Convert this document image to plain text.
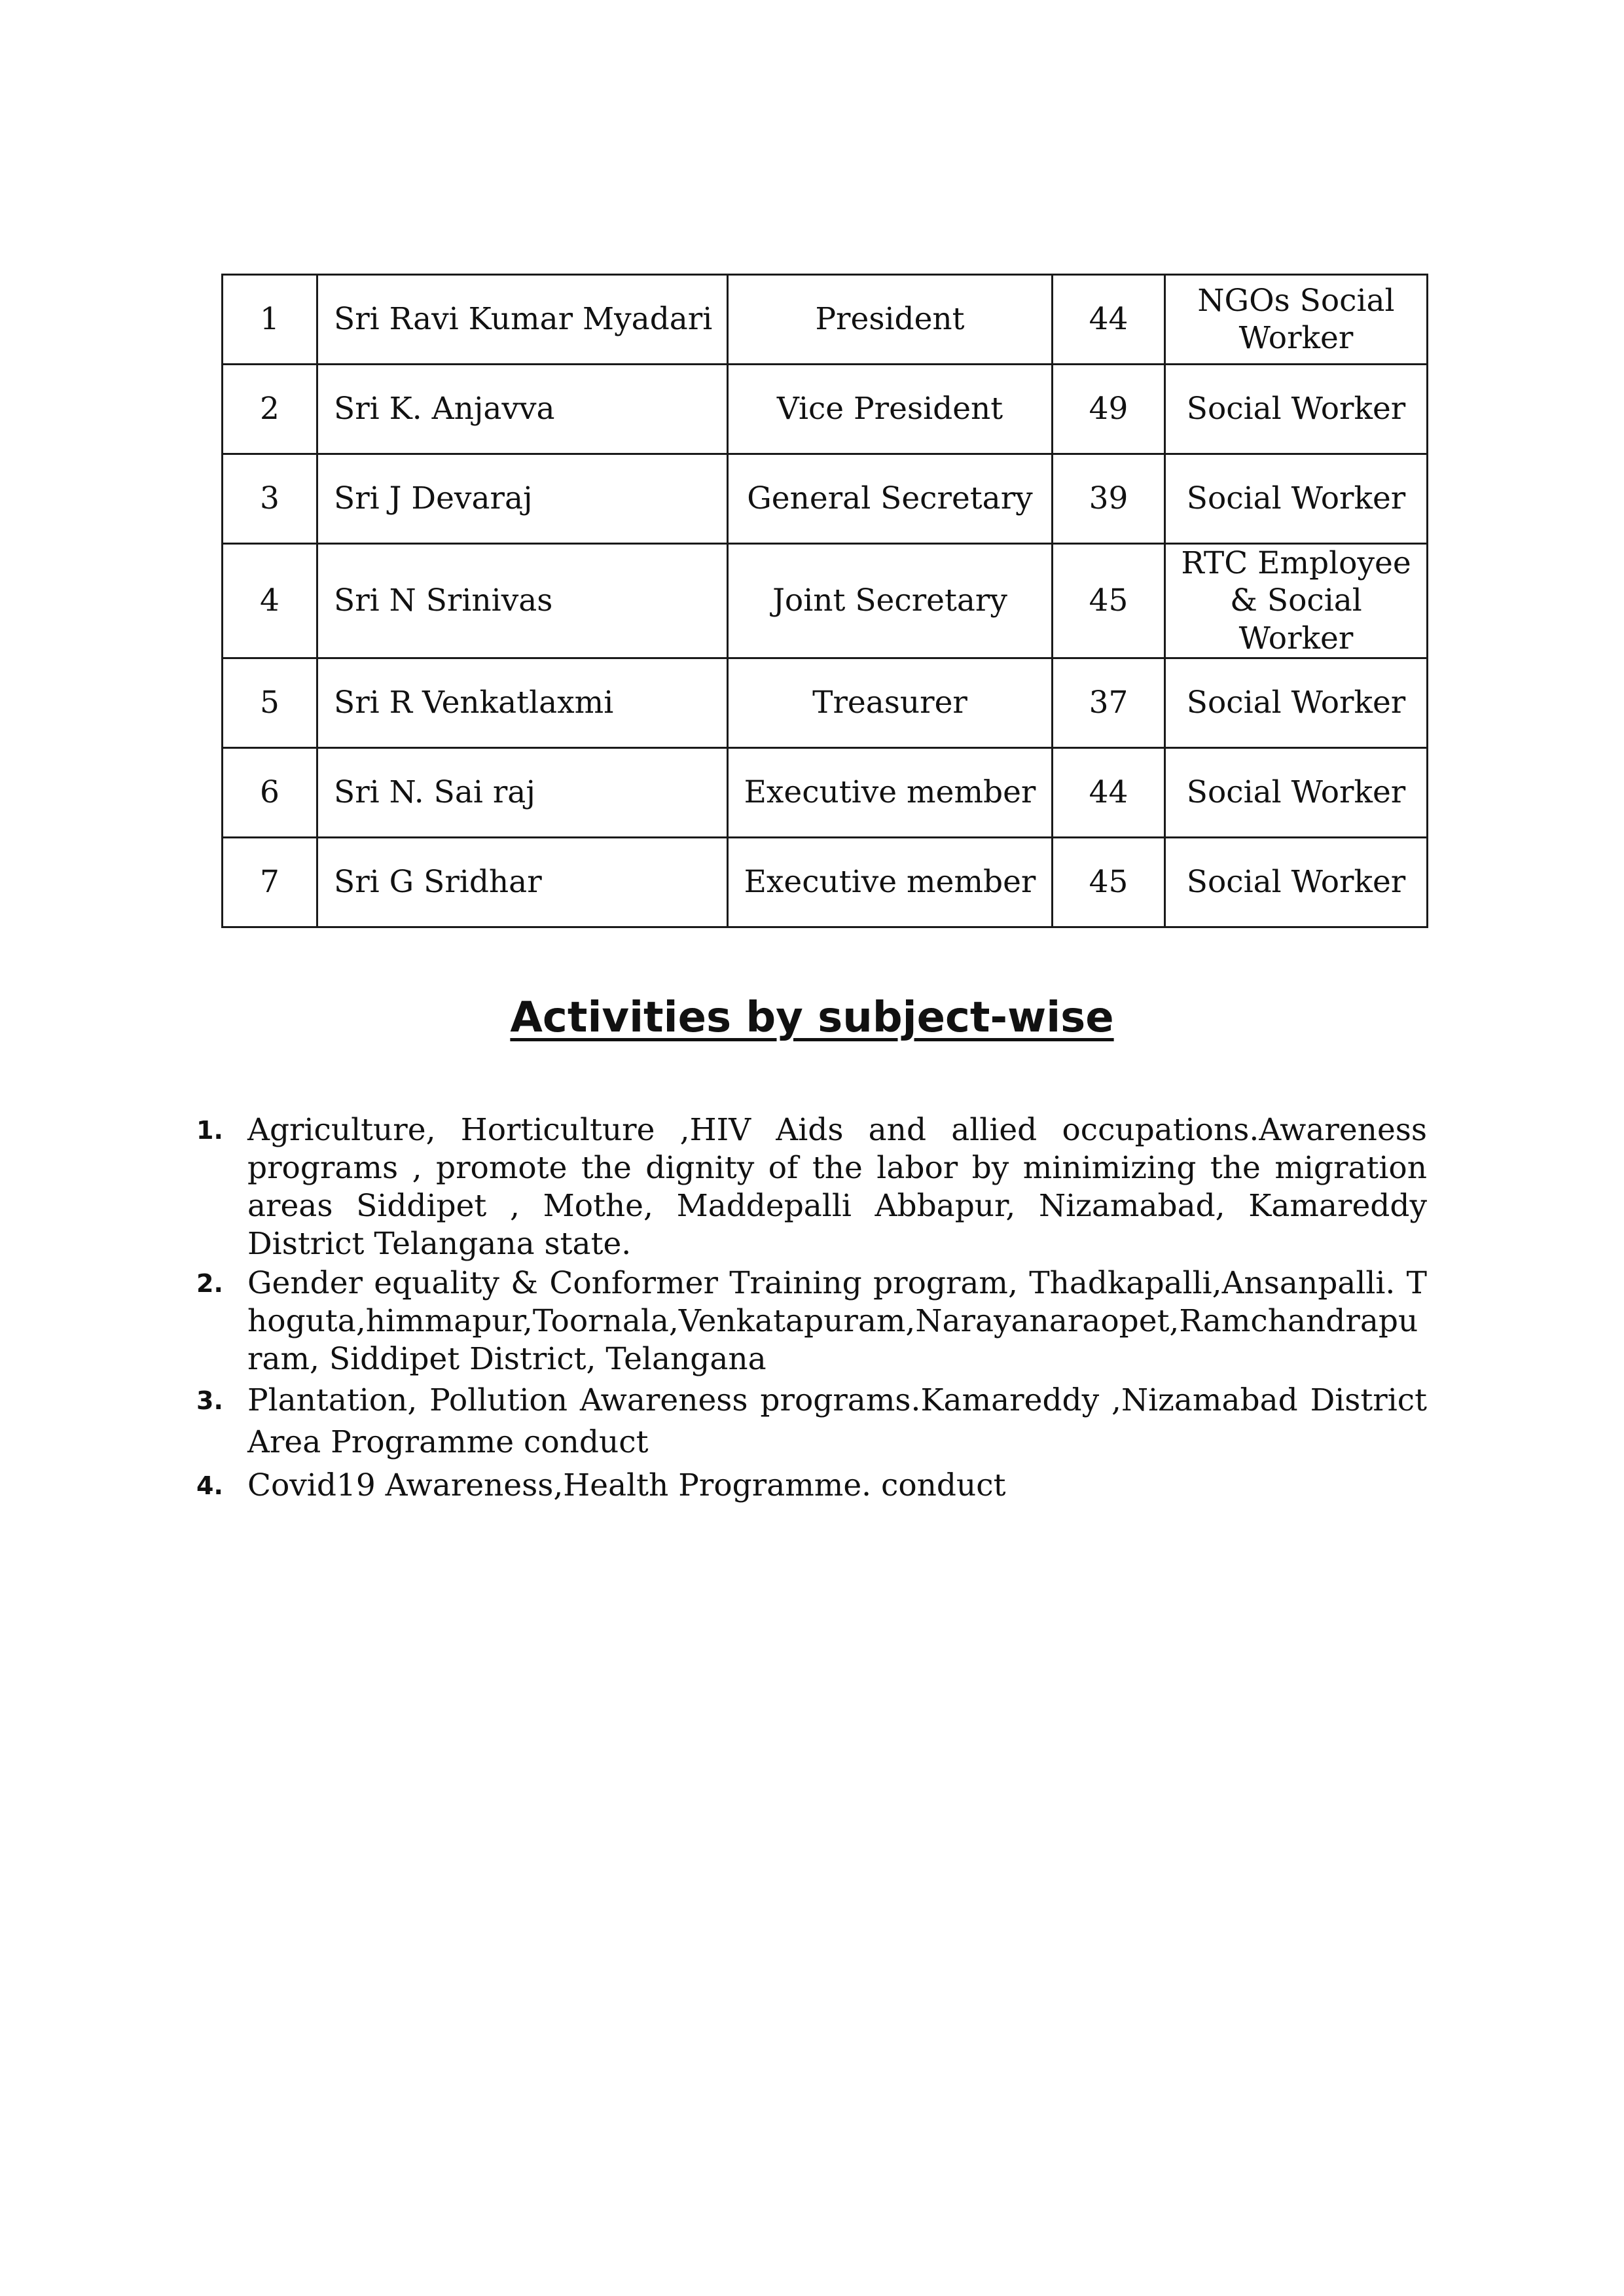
1	Sri Ravi Kumar Myadari	President	44	NGOs Social Worker
2	Sri K. Anjavva	Vice President	49	Social Worker
3	Sri J Devaraj	General Secretary	39	Social Worker
4	Sri N Srinivas	Joint Secretary	45	RTC Employee & Social Worker
5	Sri R Venkatlaxmi	Treasurer	37	Social Worker
6	Sri N. Sai raj	Executive member	44	Social Worker
7	Sri G Sridhar	Executive member	45	Social Worker
Activities by subject-wise
1. Agriculture, Horticulture ,HIV Aids and allied occupations.Awareness programs , promote the dignity of the labor by minimizing the migration areas Siddipet , Mothe, Maddepalli Abbapur, Nizamabad, Kamareddy District Telangana state.
2. Gender equality & Conformer Training program, Thadkapalli,Ansanpalli. Thoguta,himmapur,Toornala,Venkatapuram,Narayanaraopet,Ramchandrapuram, Siddipet District, Telangana
3. Plantation, Pollution Awareness programs.Kamareddy ,Nizamabad District Area Programme conduct
4. Covid19 Awareness,Health Programme. conduct
